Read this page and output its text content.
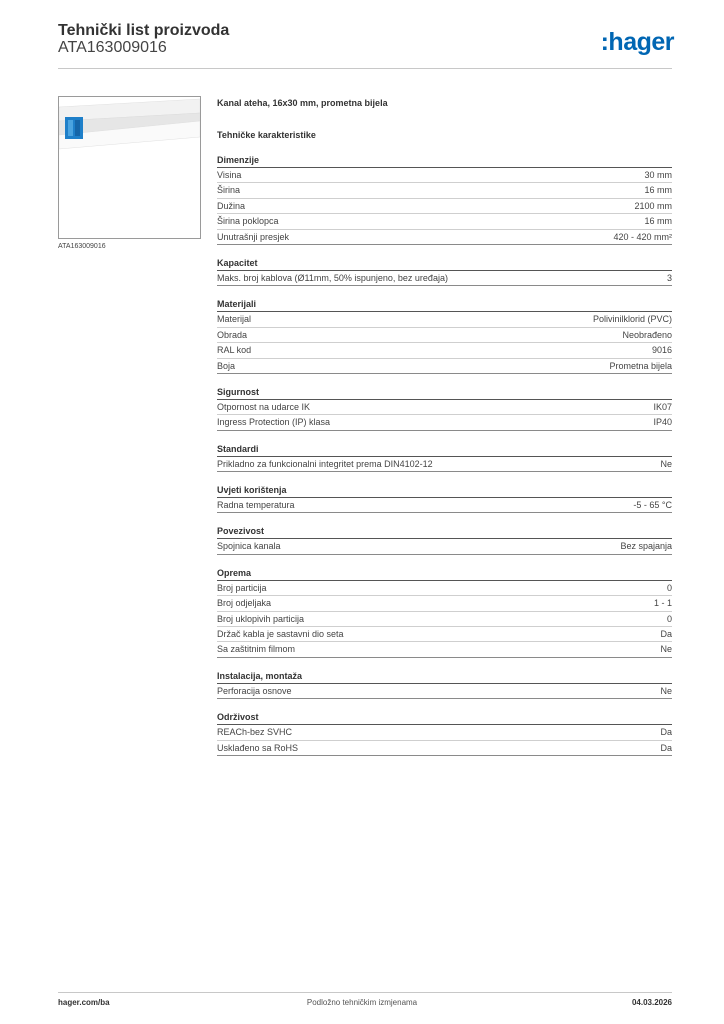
Tehnički list proizvoda
ATA163009016	:hager
ATA163009016
Kanal ateha, 16x30 mm, prometna bijela
Tehničke karakteristike
Dimenzije
Visina	30 mm
Širina	16 mm
Dužina	2100 mm
Širina poklopca	16 mm
Unutrašnji presjek	420 - 420 mm²
Kapacitet
Maks. broj kablova (Ø11mm, 50% ispunjeno, bez uređaja)	3
Materijali
Materijal	Polivinilklorid (PVC)
Obrada	Neobrađeno
RAL kod	9016
Boja	Prometna bijela
Sigurnost
Otpornost na udarce IK	IK07
Ingress Protection (IP) klasa	IP40
Standardi
Prikladno za funkcionalni integritet prema DIN4102-12	Ne
Uvjeti korištenja
Radna temperatura	-5 - 65 °C
Povezivost
Spojnica kanala	Bez spajanja
Oprema
Broj particija	0
Broj odjeljaka	1 - 1
Broj uklopivih particija	0
Držač kabla je sastavni dio seta	Da
Sa zaštitnim filmom	Ne
Instalacija, montaža
Perforacija osnove	Ne
Održivost
REACh-bez SVHC	Da
Usklađeno sa RoHS	Da
hager.com/ba	Podložno tehničkim izmjenama	04.03.2026
